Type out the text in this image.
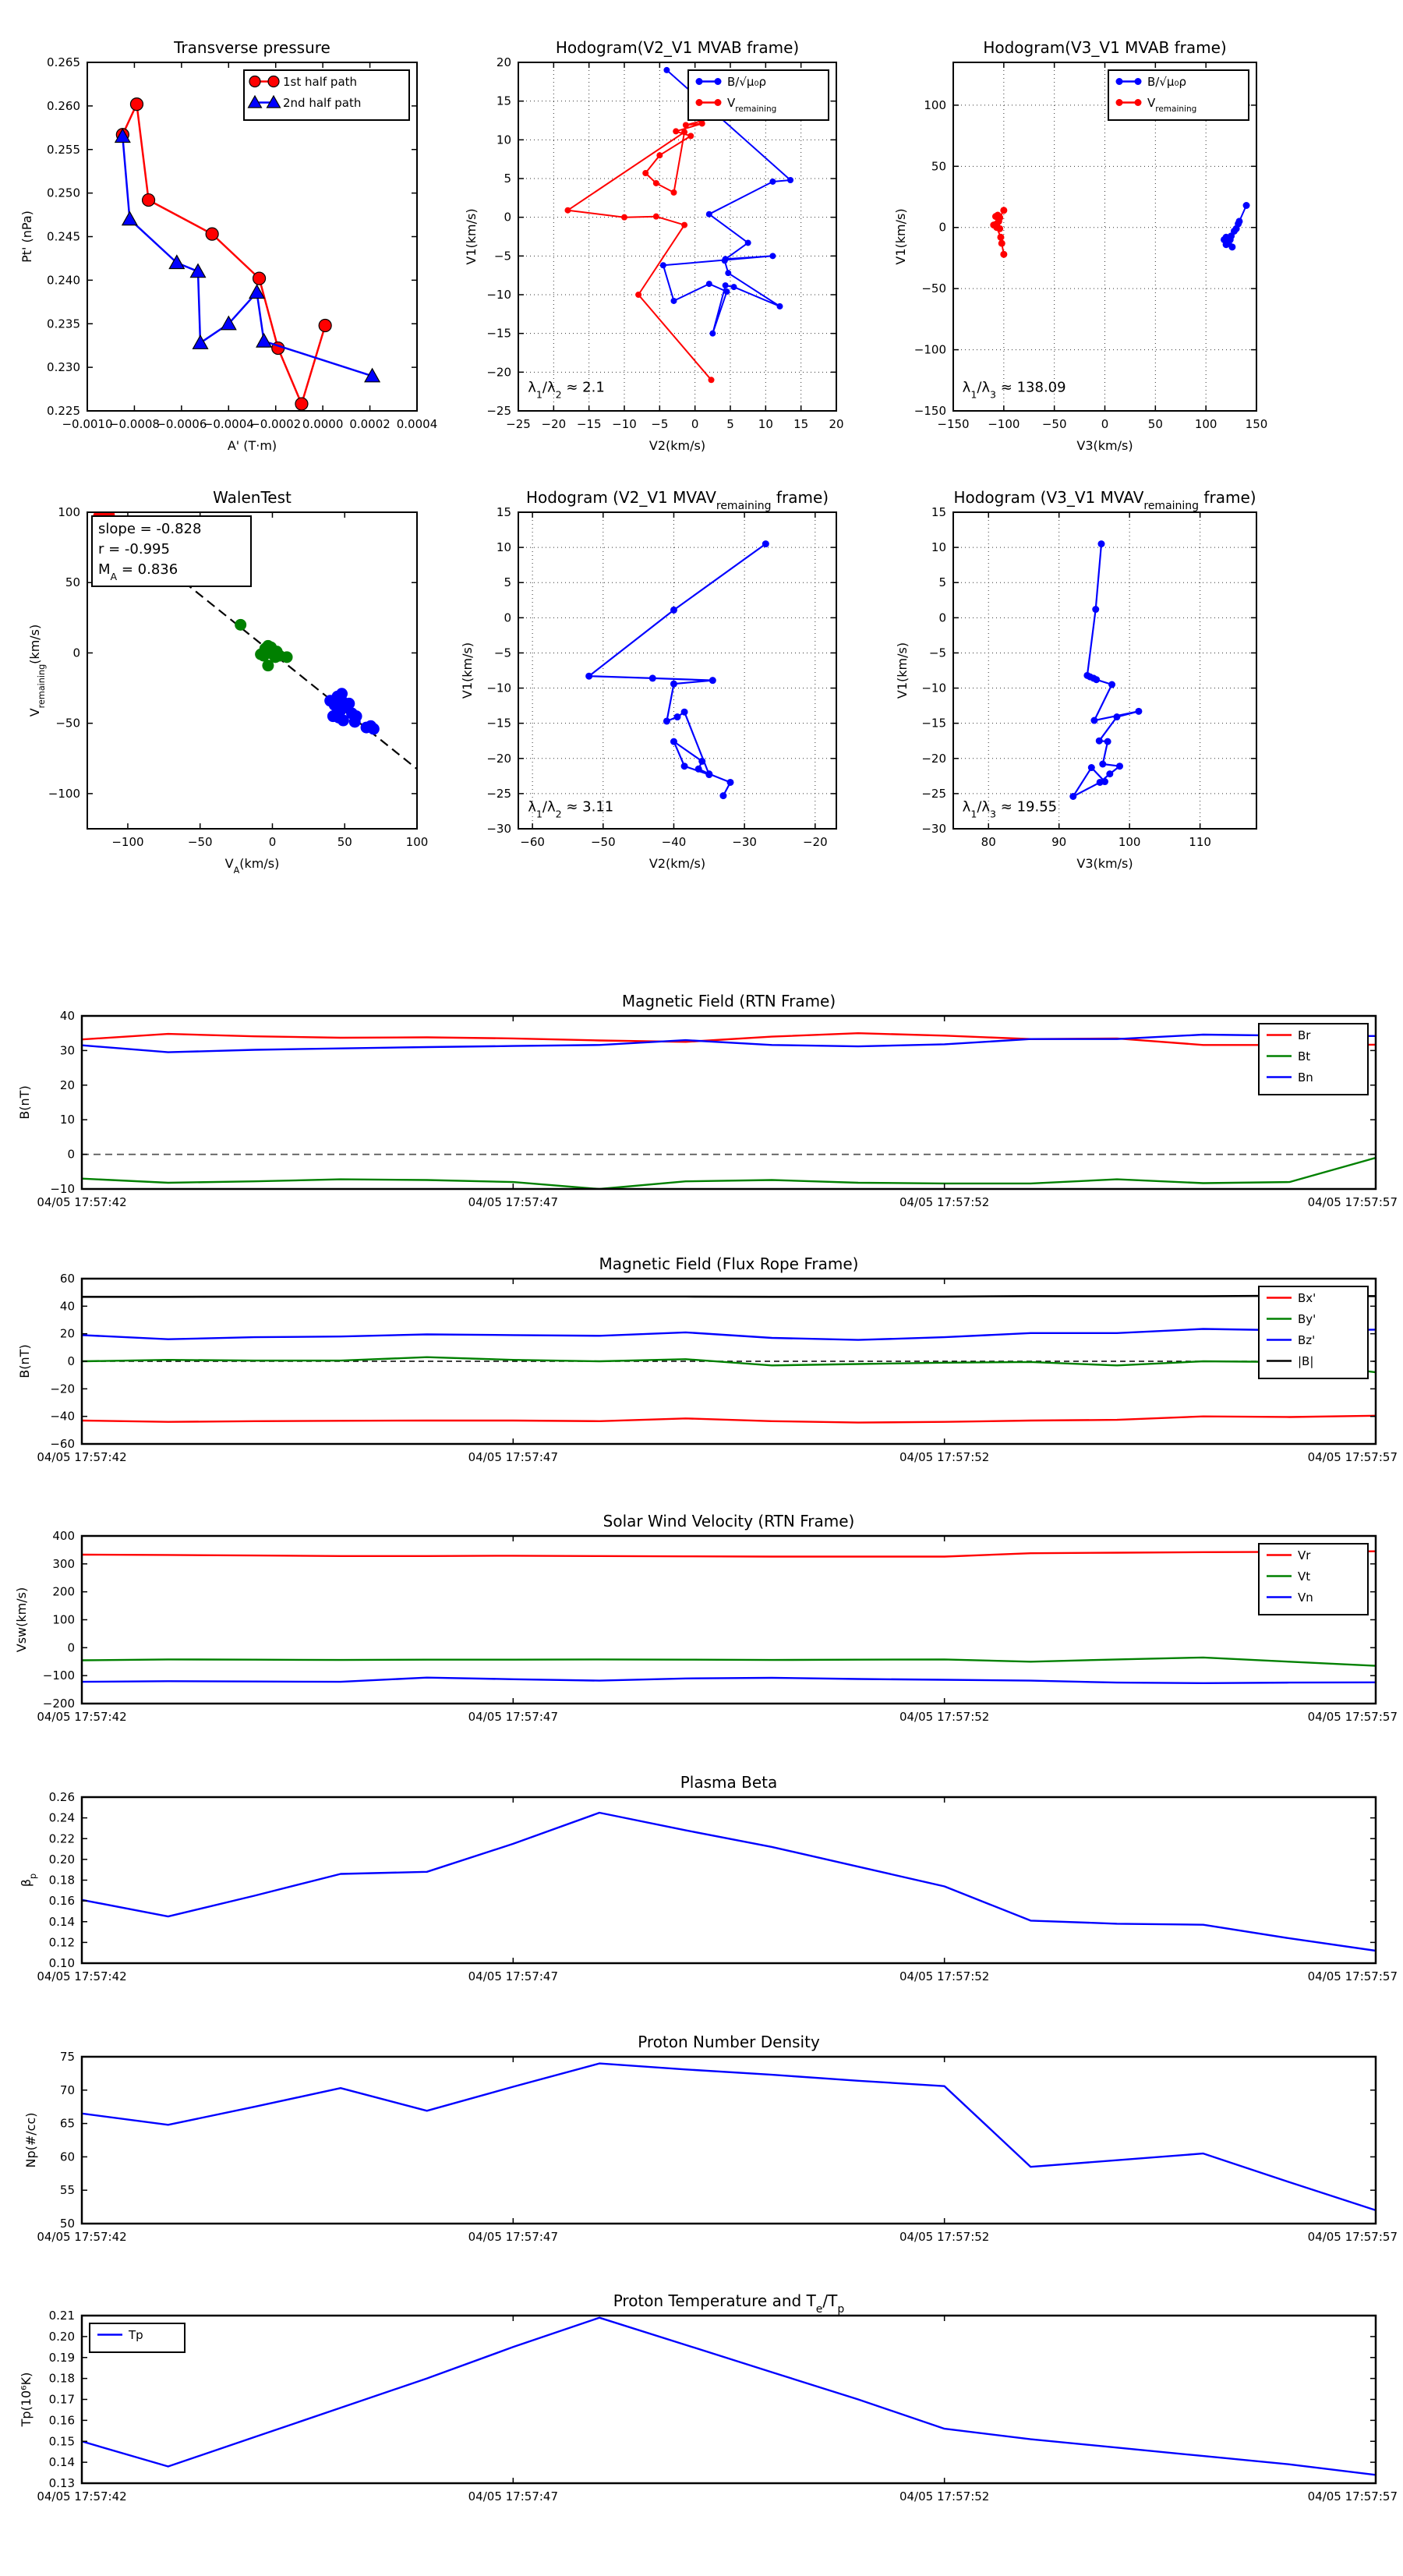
−0.0010
−0.0008
−0.0006
−0.0004
−0.0002 0.0000 0.0002 0.0004
0.225
0.230
0.235
0.240
0.245
0.250
0.255
0.260
0.265
Transverse pressure
A' (T·m)
Pt' (nPa)
1st half path
2nd half path
−25 −20 −15 −10 −5 0 5 10 15 20
−25
−20
−15
−10
−5
0
5
10
15
20
Hodogram(V2_V1 MVAB frame)
V2(km/s)
V1(km/s)
$\lambda_1/\lambda_2 \approx 2.1$
B/√μ₀ρ
$V_{remaining}$
−150 −100 −50	0	50	100 150
−150
−100
−50
0
50
100
Hodogram(V3_V1 MVAB frame)
V3(km/s)
V1(km/s)
$\lambda_1/\lambda_3 \approx 138.09$
B/√μ₀ρ
$V_{remaining}$
−100	−50	0	50	100
−100
−50
0
50
100
WalenTest
$V_A(km/s)$
$V_{remaining}(km/s)$
slope = -0.828
r = -0.995
$M_A = 0.836$
−60	−50	−40	−30	−20
−30
−25
−20
−15
−10
−5
0
5
10
15
Hodogram (V2_V1 $MVAV_{remaining}$ frame)
V2(km/s)
V1(km/s)
$\lambda_1/\lambda_2 \approx 3.11$
80	90	100	110
−30
−25
−20
−15
−10
−5
0
5
10
15
Hodogram (V3_V1 $MVAV_{remaining}$ frame)
V3(km/s)
V1(km/s)
$\lambda_1/\lambda_3 \approx 19.55$
04/05 17:57:42	04/05 17:57:47	04/05 17:57:52	04/05 17:57:57
−10
0
10
20
30
40
Magnetic Field (RTN Frame)
B(nT)
Br
Bt
Bn
04/05 17:57:42	04/05 17:57:47	04/05 17:57:52	04/05 17:57:57
−60
−40
−20
0
20
40
60
Magnetic Field (Flux Rope Frame)
B(nT)
Bx'
By'
Bz'
|B|
04/05 17:57:42	04/05 17:57:47	04/05 17:57:52	04/05 17:57:57
−200
−100
0
100
200
300
400
Solar Wind Velocity (RTN Frame)
Vsw(km/s)
Vr
Vt
Vn
04/05 17:57:42	04/05 17:57:47	04/05 17:57:52	04/05 17:57:57
0.10
0.12
0.14
0.16
0.18
0.20
0.22
0.24
0.26
Plasma Beta
$\beta_p$
04/05 17:57:42	04/05 17:57:47	04/05 17:57:52	04/05 17:57:57
50
55
60
65
70
75
Proton Number Density
Np(#/cc)
04/05 17:57:42	04/05 17:57:47	04/05 17:57:52	04/05 17:57:57
0.13
0.14
0.15
0.16
0.17
0.18
0.19
0.20
0.21
Proton Temperature and $T_e/T_p$
Tp(10⁶K)
Tp
